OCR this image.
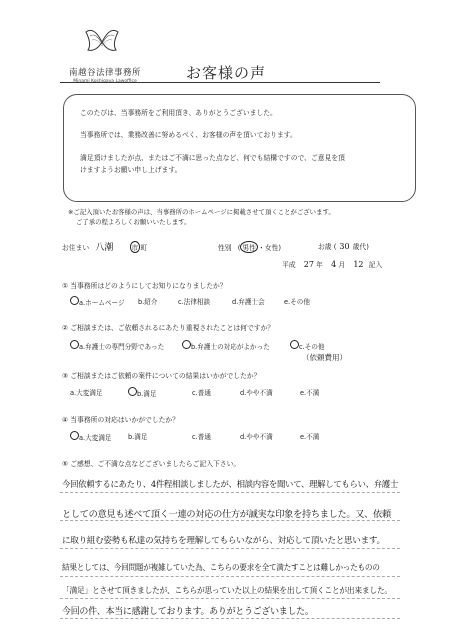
南越谷法律事務所
Minami Koshigaya Lawoffice	お客様の声
このたびは、当事務所をご利用頂き、ありがとうございました。
当事務所では、業務改善に努めるべく、お客様の声を頂いております。
満足頂けましたが点、またはご不満に思った点など、何でも結構ですので、ご意見を頂
けますようお願い申し上げます。
※ご記入頂いたお客様の声は、当事務所のホームページに掲載させて頂くことがございます。
ご了承の程よろしくお願いいたします。
お住まい 八潮	市 町	性別 ( 男性 ・女性)	お歳 ( 30 歳代)
平成 27 年 4 月 12 記入
① 当事務所はどのようにしてお知りになりましたか？
a.ホームページ b.紹介	c.法律相談	d.弁護士会	e.その他
② ご相談または、ご依頼されるにあたり重視されたことは何ですか？
a.弁護士の専門分野であった	b.弁護士の対応がよかった	c.その他
（依頼費用）
③ ご相談またはご依頼の案件についての結果はいかがでしたか？
a.大変満足	b.満足	c.普通	d.やや不満	e.不満
④ 当事務所の対応はいかがでしたか？
a.大変満足 b.満足	c.普通	d.やや不満	e.不満
⑤ ご感想、ご不満な点などございましたらご記入下さい。
今回依頼するにあたり、4件程相談しましたが、相談内容を聞いて、理解してもらい、弁護士
としての意見も述べて頂く一連の対応の仕方が誠実な印象を持ちました。又、依頼
に取り組む姿勢も私達の気持ちを理解してもらいながら、対応して頂いたと思います。
結果としては、今回問題が複雑していた為、こちらの要求を全て満たすことは難しかったものの
「満足」とさせて頂きましたが、こちらが思っていた以上の結果を出して頂くことが出来ました。
今回の件、本当に感謝しております。ありがとうございました。
